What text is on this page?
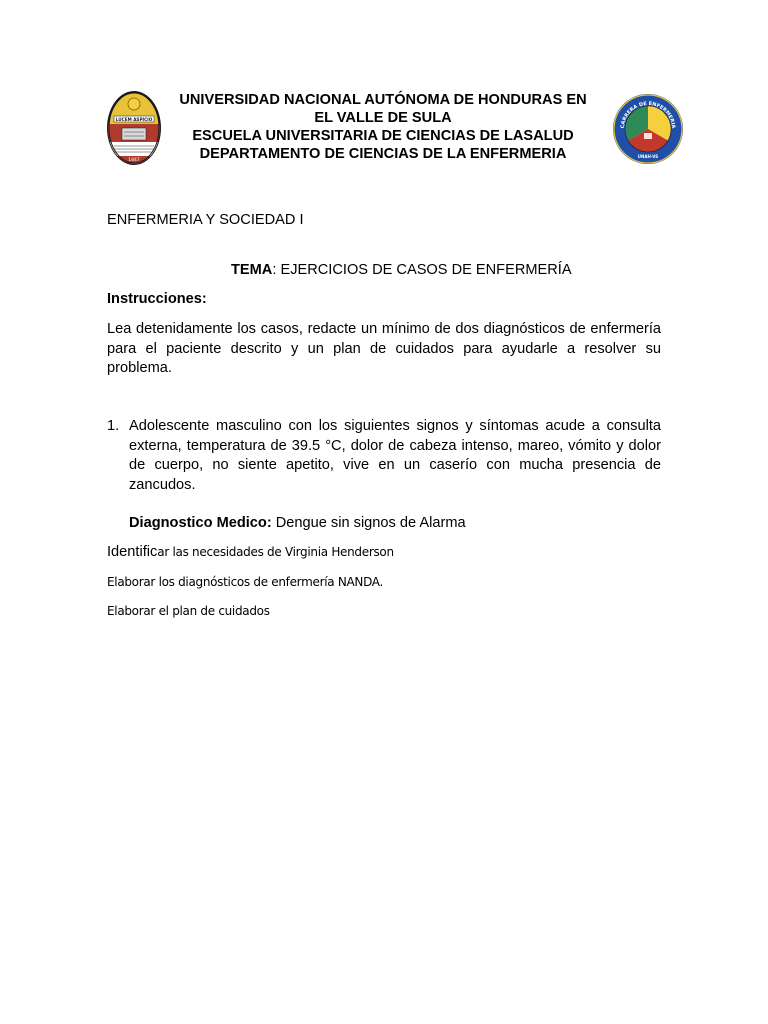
LUCEM ASPICIO
1847
UNIVERSIDAD NACIONAL AUTÓNOMA DE HONDURAS EN
EL VALLE DE SULA
ESCUELA UNIVERSITARIA DE CIENCIAS DE LASALUD
DEPARTAMENTO DE CIENCIAS DE LA ENFERMERIA
CARRERA DE ENFERMERIA
UNAH-VS
ENFERMERIA Y SOCIEDAD I
TEMA: EJERCICIOS DE CASOS DE ENFERMERÍA
Instrucciones:
Lea detenidamente los casos, redacte un mínimo de dos diagnósticos de enfermería para el paciente descrito y un plan de cuidados para ayudarle a resolver su problema.
1. Adolescente masculino con los siguientes signos y síntomas acude a consulta externa, temperatura de 39.5 °C, dolor de cabeza intenso, mareo, vómito y dolor de cuerpo, no siente apetito, vive en un caserío con mucha presencia de zancudos.
Diagnostico Medico: Dengue sin signos de Alarma
Identificar las necesidades de Virginia Henderson
Elaborar los diagnósticos de enfermería NANDA.
Elaborar el plan de cuidados
